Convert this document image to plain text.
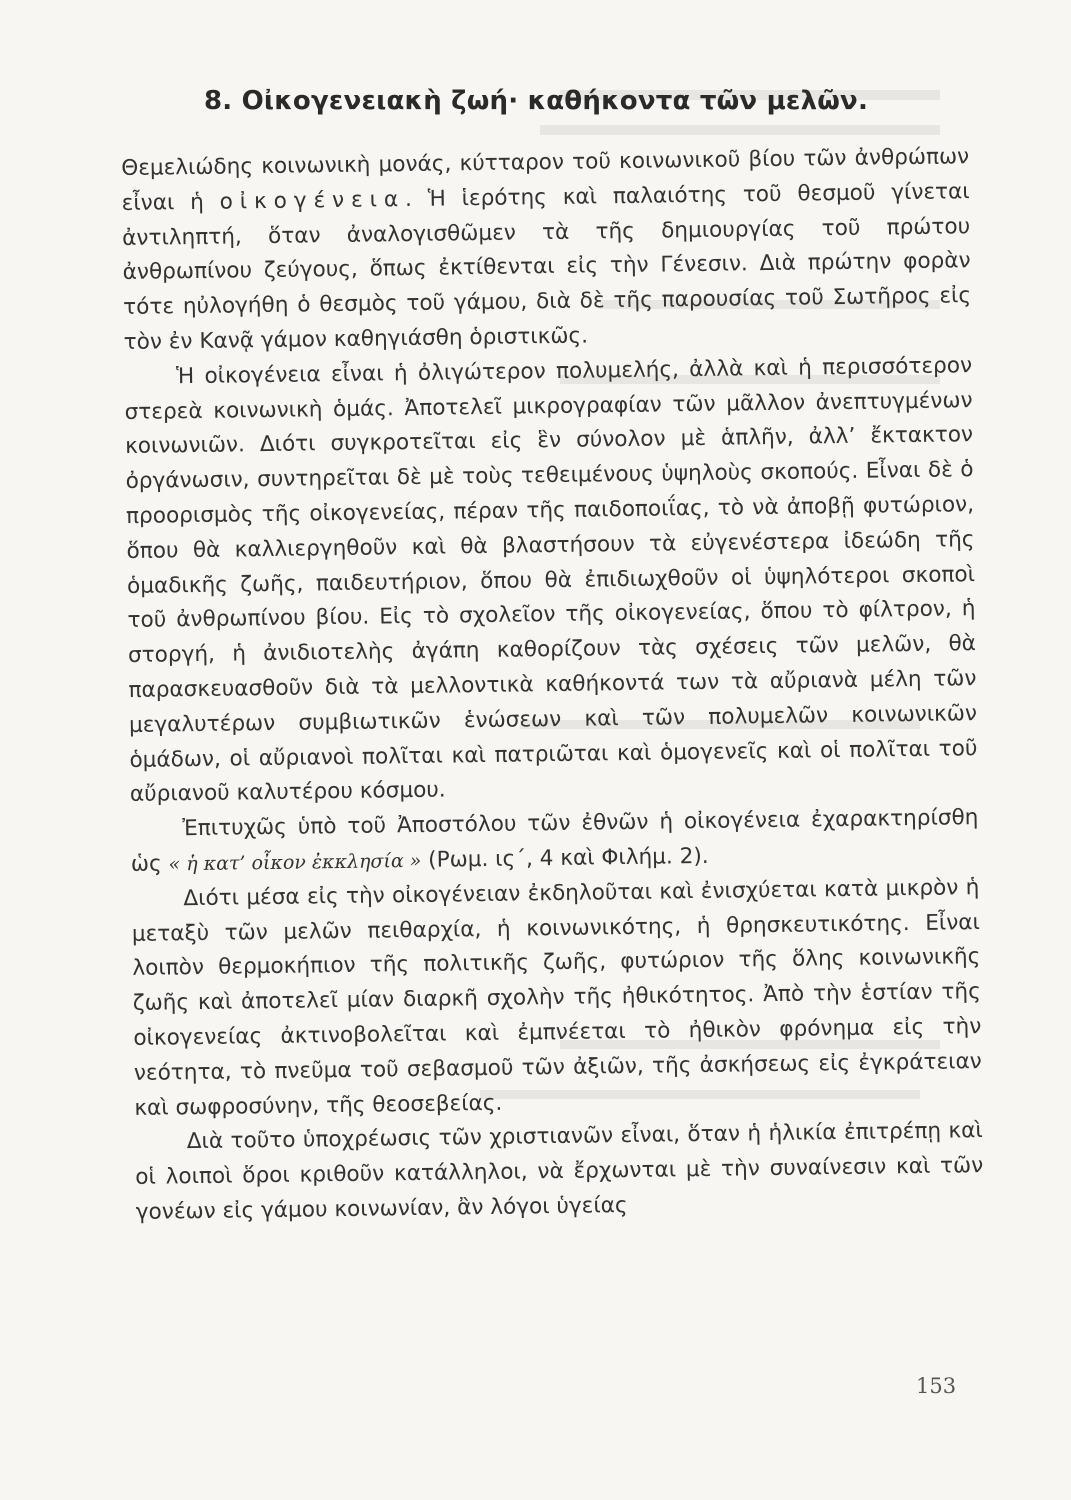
8. Οἰκογενειακὴ ζωή· καθήκοντα τῶν μελῶν.

Θεμελιώδης κοινωνικὴ μονάς, κύτταρον τοῦ κοινωνικοῦ βίου τῶν ἀνθρώπων εἶναι ἡ οἰκογένεια. Ἡ ἱερότης καὶ παλαιότης τοῦ θεσμοῦ γίνεται ἀντιληπτή, ὅταν ἀναλογισθῶμεν τὰ τῆς δημιουργίας τοῦ πρώτου ἀνθρωπίνου ζεύγους, ὅπως ἐκτίθενται εἰς τὴν Γένεσιν. Διὰ πρώτην φορὰν τότε ηὐλογήθη ὁ θεσμὸς τοῦ γάμου, διὰ δὲ τῆς παρουσίας τοῦ Σωτῆρος εἰς τὸν ἐν Κανᾷ γάμον καθηγιάσθη ὁριστικῶς.

Ἡ οἰκογένεια εἶναι ἡ ὀλιγώτερον πολυμελής, ἀλλὰ καὶ ἡ περισσότερον στερεὰ κοινωνικὴ ὁμάς. Ἀποτελεῖ μικρογραφίαν τῶν μᾶλλον ἀνεπτυγμένων κοινωνιῶν. Διότι συγκροτεῖται εἰς ἓν σύνολον μὲ ἁπλῆν, ἀλλ’ ἔκτακτον ὀργάνωσιν, συντηρεῖται δὲ μὲ τοὺς τεθειμένους ὑψηλοὺς σκοπούς. Εἶναι δὲ ὁ προορισμὸς τῆς οἰκογενείας, πέραν τῆς παιδοποιΐας, τὸ νὰ ἀποβῇ φυτώριον, ὅπου θὰ καλλιεργηθοῦν καὶ θὰ βλαστήσουν τὰ εὐγενέστερα ἰδεώδη τῆς ὁμαδικῆς ζωῆς, παιδευτήριον, ὅπου θὰ ἐπιδιωχθοῦν οἱ ὑψηλότεροι σκοποὶ τοῦ ἀνθρωπίνου βίου. Εἰς τὸ σχολεῖον τῆς οἰκογενείας, ὅπου τὸ φίλτρον, ἡ στοργή, ἡ ἀνιδιοτελὴς ἀγάπη καθορίζουν τὰς σχέσεις τῶν μελῶν, θὰ παρασκευασθοῦν διὰ τὰ μελλοντικὰ καθήκοντά των τὰ αὔριανὰ μέλη τῶν μεγαλυτέρων συμβιωτικῶν ἑνώσεων καὶ τῶν πολυμελῶν κοινωνικῶν ὁμάδων, οἱ αὔριανοὶ πολῖται καὶ πατριῶται καὶ ὁμογενεῖς καὶ οἱ πολῖται τοῦ αὔριανοῦ καλυτέρου κόσμου.

Ἐπιτυχῶς ὑπὸ τοῦ Ἀποστόλου τῶν ἐθνῶν ἡ οἰκογένεια ἐχαρακτηρίσθη ὡς « ἡ κατ’ οἶκον ἐκκλησία » (Ρωμ. ις΄, 4 καὶ Φιλήμ. 2).

Διότι μέσα εἰς τὴν οἰκογένειαν ἐκδηλοῦται καὶ ἐνισχύεται κατὰ μικρὸν ἡ μεταξὺ τῶν μελῶν πειθαρχία, ἡ κοινωνικότης, ἡ θρησκευτικότης. Εἶναι λοιπὸν θερμοκήπιον τῆς πολιτικῆς ζωῆς, φυτώριον τῆς ὅλης κοινωνικῆς ζωῆς καὶ ἀποτελεῖ μίαν διαρκῆ σχολὴν τῆς ἠθικότητος. Ἀπὸ τὴν ἑστίαν τῆς οἰκογενείας ἀκτινοβολεῖται καὶ ἐμπνέεται τὸ ἠθικὸν φρόνημα εἰς τὴν νεότητα, τὸ πνεῦμα τοῦ σεβασμοῦ τῶν ἀξιῶν, τῆς ἀσκήσεως εἰς ἐγκράτειαν καὶ σωφροσύνην, τῆς θεοσεβείας.

Διὰ τοῦτο ὑποχρέωσις τῶν χριστιανῶν εἶναι, ὅταν ἡ ἡλικία ἐπιτρέπῃ καὶ οἱ λοιποὶ ὅροι κριθοῦν κατάλληλοι, νὰ ἔρχωνται μὲ τὴν συναίνεσιν καὶ τῶν γονέων εἰς γάμου κοινωνίαν, ἂν λόγοι ὑγείας

153
